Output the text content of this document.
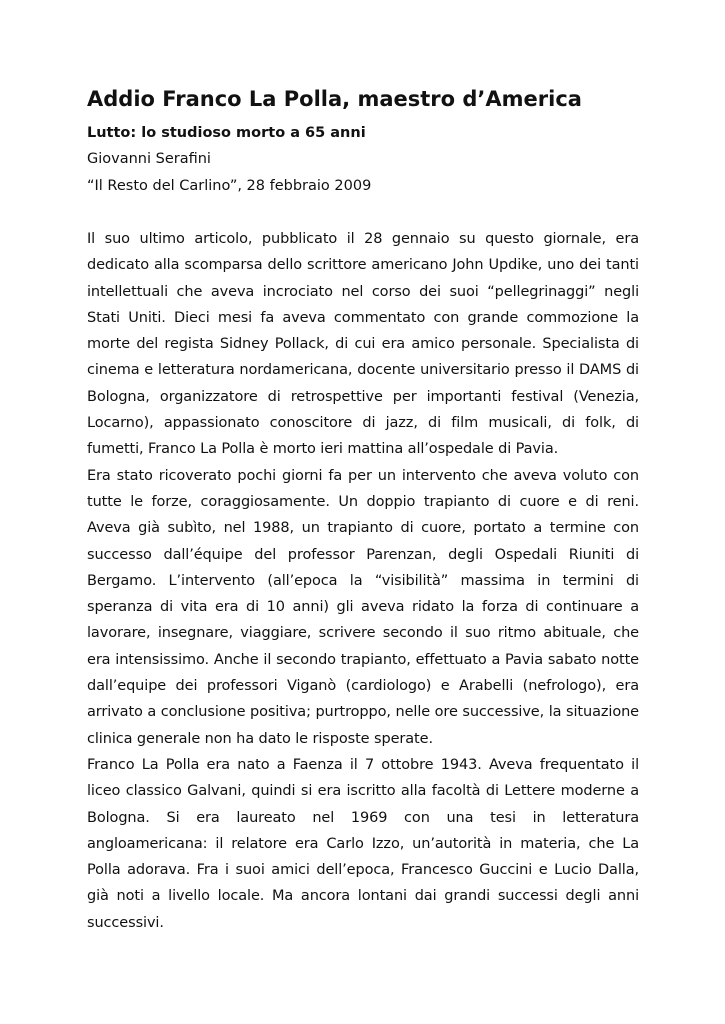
Addio Franco La Polla, maestro d’America

Lutto: lo studioso morto a 65 anni

Giovanni Serafini

“Il Resto del Carlino”, 28 febbraio 2009

Il suo ultimo articolo, pubblicato il 28 gennaio su questo giornale, era dedicato alla scomparsa dello scrittore americano John Updike, uno dei tanti intellettuali che aveva incrociato nel corso dei suoi “pellegrinaggi” negli Stati Uniti. Dieci mesi fa aveva commentato con grande commozione la morte del regista Sidney Pollack, di cui era amico personale. Specialista di cinema e letteratura nordamericana, docente universitario presso il DAMS di Bologna, organizzatore di retrospettive per importanti festival (Venezia, Locarno), appassionato conoscitore di jazz, di film musicali, di folk, di fumetti, Franco La Polla è morto ieri mattina all’ospedale di Pavia.

Era stato ricoverato pochi giorni fa per un intervento che aveva voluto con tutte le forze, coraggiosamente. Un doppio trapianto di cuore e di reni. Aveva già subìto, nel 1988, un trapianto di cuore, portato a termine con successo dall’équipe del professor Parenzan, degli Ospedali Riuniti di Bergamo. L’intervento (all’epoca la “visibilità” massima in termini di speranza di vita era di 10 anni) gli aveva ridato la forza di continuare a lavorare, insegnare, viaggiare, scrivere secondo il suo ritmo abituale, che era intensissimo. Anche il secondo trapianto, effettuato a Pavia sabato notte dall’equipe dei professori Viganò (cardiologo) e Arabelli (nefrologo), era arrivato a conclusione positiva; purtroppo, nelle ore successive, la situazione clinica generale non ha dato le risposte sperate.

Franco La Polla era nato a Faenza il 7 ottobre 1943. Aveva frequentato il liceo classico Galvani, quindi si era iscritto alla facoltà di Lettere moderne a Bologna. Si era laureato nel 1969 con una tesi in letteratura angloamericana: il relatore era Carlo Izzo, un’autorità in materia, che La Polla adorava. Fra i suoi amici dell’epoca, Francesco Guccini e Lucio Dalla, già noti a livello locale. Ma ancora lontani dai grandi successi degli anni successivi.
